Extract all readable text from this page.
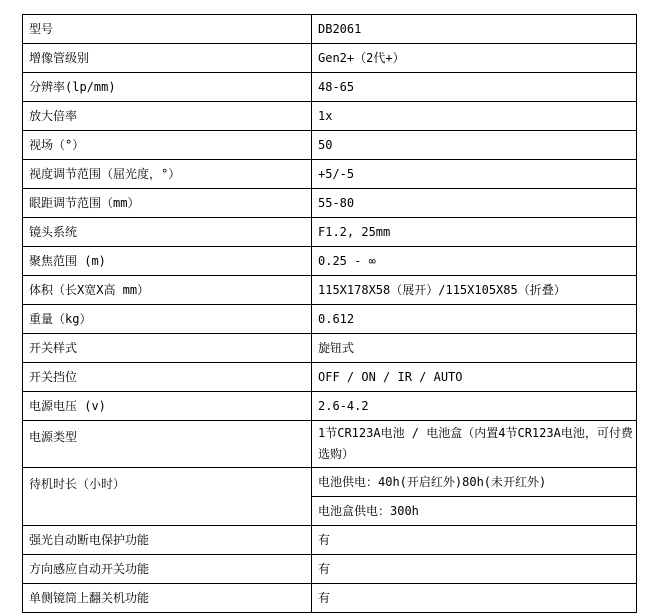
型号	DB2061
增像管级别	Gen2+（2代+）
分辨率(lp/mm)	48-65
放大倍率	1x
视场（°）	50
视度调节范围（屈光度，°）	+5/-5
眼距调节范围（mm）	55-80
镜头系统	F1.2, 25mm
聚焦范围 (m)	0.25 - ∞
体积（长X宽X高 mm）	115X178X58（展开）/115X105X85（折叠）
重量（kg）	0.612
开关样式	旋钮式
开关挡位	OFF / ON / IR / AUTO
电源电压 (v)	2.6-4.2
电源类型	1节CR123A电池 / 电池盒（内置4节CR123A电池，可付费选购）
待机时长（小时）	电池供电：40h(开启红外)80h(未开红外)
	电池盒供电：300h
强光自动断电保护功能	有
方向感应自动开关功能	有
单侧镜筒上翻关机功能	有
